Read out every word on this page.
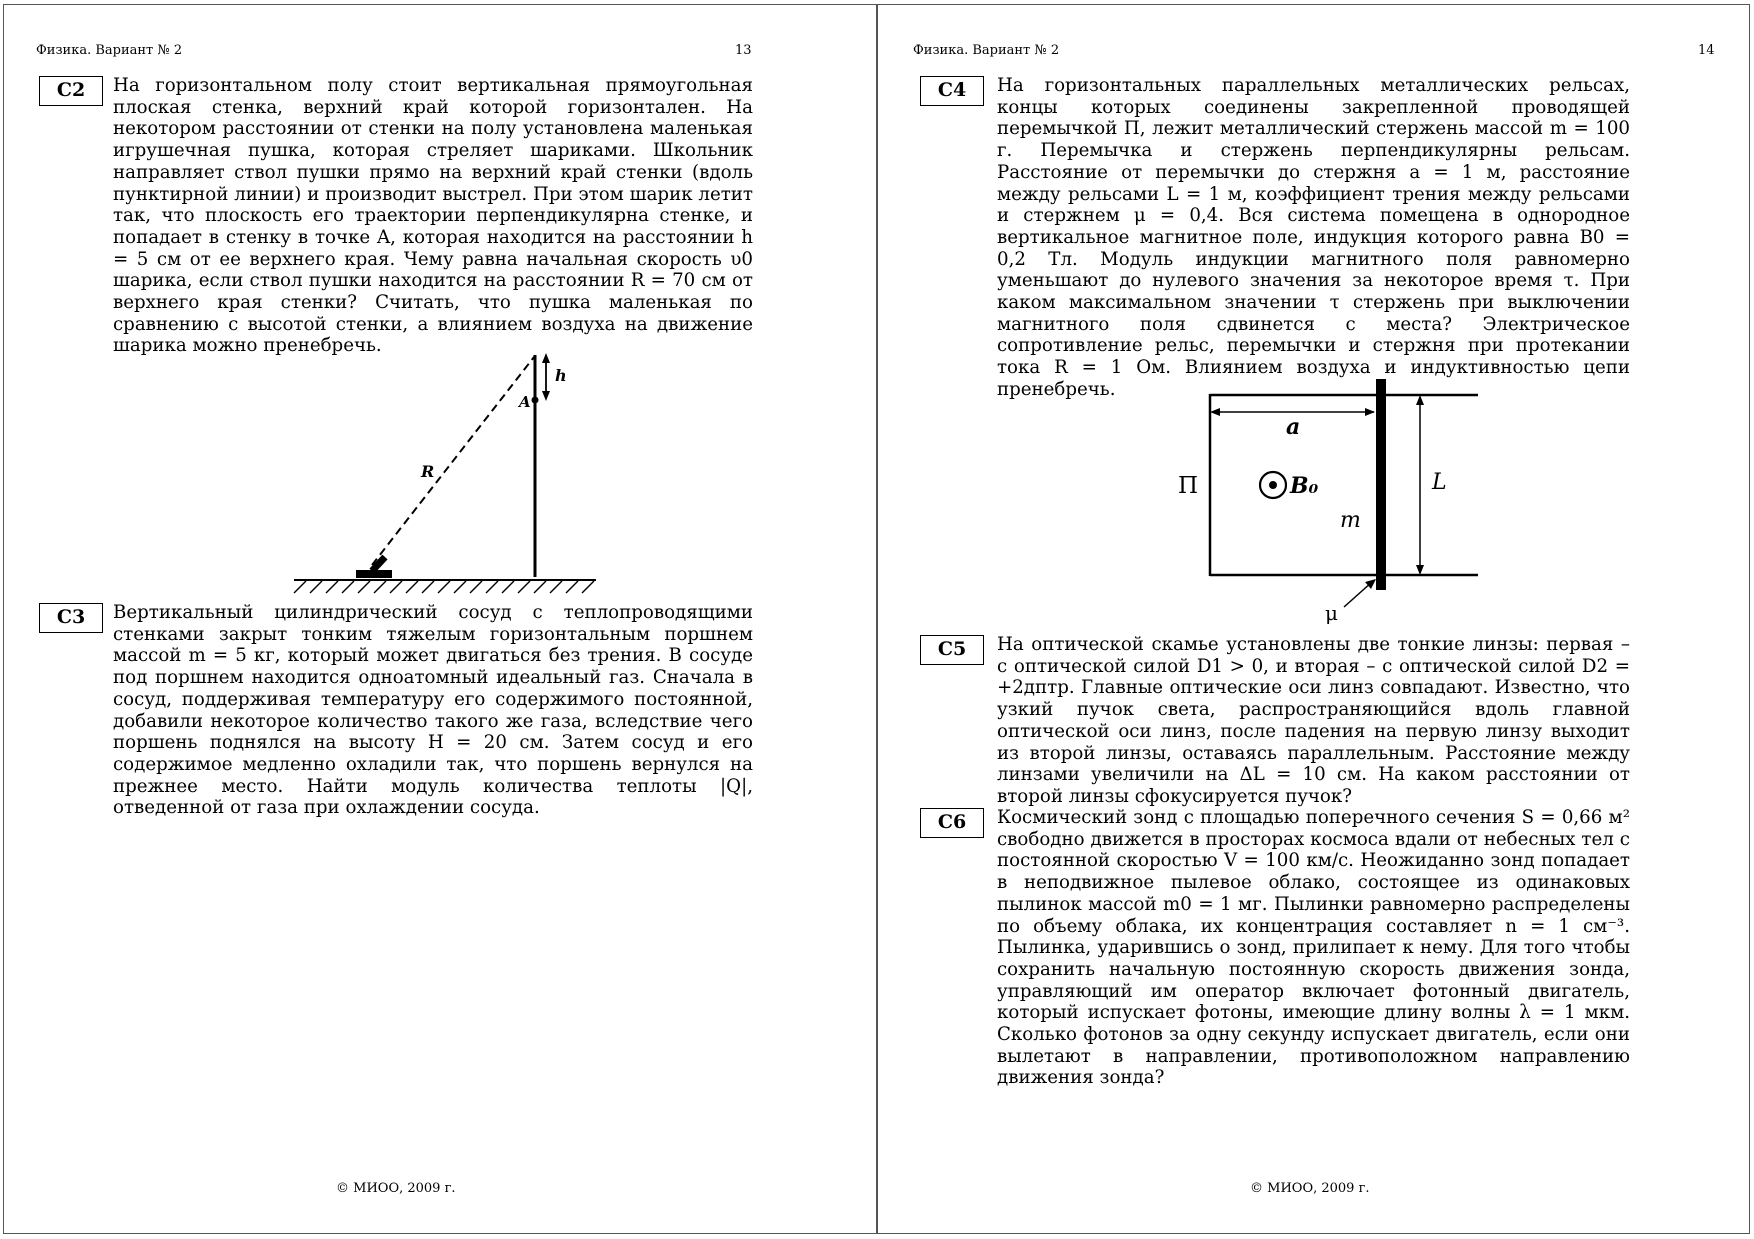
Физика. Вариант № 2	13
C2	На горизонтальном полу стоит вертикальная прямоугольная плоская стенка, верхний край которой горизонтален. На некотором расстоянии от стенки на полу установлена маленькая игрушечная пушка, которая стреляет шариками. Школьник направляет ствол пушки прямо на верхний край стенки (вдоль пунктирной линии) и производит выстрел. При этом шарик летит так, что плоскость его траектории перпендикулярна стенке, и попадает в стенку в точке A, которая находится на расстоянии h = 5 см от ее верхнего края. Чему равна начальная скорость υ0 шарика, если ствол пушки находится на расстоянии R = 70 см от верхнего края стенки? Считать, что пушка маленькая по сравнению с высотой стенки, а влиянием воздуха на движение шарика можно пренебречь.

h
A
R
C3	Вертикальный цилиндрический сосуд с теплопроводящими стенками закрыт тонким тяжелым горизонтальным поршнем массой m = 5 кг, который может двигаться без трения. В сосуде под поршнем находится одноатомный идеальный газ. Сначала в сосуд, поддерживая температуру его содержимого постоянной, добавили некоторое количество такого же газа, вследствие чего поршень поднялся на высоту H = 20 см. Затем сосуд и его содержимое медленно охладили так, что поршень вернулся на прежнее место. Найти модуль количества теплоты |Q|, отведенной от газа при охлаждении сосуда.

© МИОО, 2009 г.
Физика. Вариант № 2	14
C4	На горизонтальных параллельных металлических рельсах, концы которых соединены закрепленной проводящей перемычкой П, лежит металлический стержень массой m = 100 г. Перемычка и стержень перпендикулярны рельсам. Расстояние от перемычки до стержня a = 1 м, расстояние между рельсами L = 1 м, коэффициент трения между рельсами и стержнем μ = 0,4. Вся система помещена в однородное вертикальное магнитное поле, индукция которого равна B0 = 0,2 Тл. Модуль индукции магнитного поля равномерно уменьшают до нулевого значения за некоторое время τ. При каком максимальном значении τ стержень при выключении магнитного поля сдвинется с места? Электрическое сопротивление рельс, перемычки и стержня при протекании тока R = 1 Ом. Влиянием воздуха и индуктивностью цепи пренебречь.

a
L
П	B₀
m
μ
C5	На оптической скамье установлены две тонкие линзы: первая – с оптической силой D1 > 0, и вторая – с оптической силой D2 = +2дптр. Главные оптические оси линз совпадают. Известно, что узкий пучок света, распространяющийся вдоль главной оптической оси линз, после падения на первую линзу выходит из второй линзы, оставаясь параллельным. Расстояние между линзами увеличили на ΔL = 10 см. На каком расстоянии от второй линзы сфокусируется пучок?

C6	Космический зонд с площадью поперечного сечения S = 0,66 м² свободно движется в просторах космоса вдали от небесных тел с постоянной скоростью V = 100 км/с. Неожиданно зонд попадает в неподвижное пылевое облако, состоящее из одинаковых пылинок массой m0 = 1 мг. Пылинки равномерно распределены по объему облака, их концентрация составляет n = 1 см⁻³. Пылинка, ударившись о зонд, прилипает к нему. Для того чтобы сохранить начальную постоянную скорость движения зонда, управляющий им оператор включает фотонный двигатель, который испускает фотоны, имеющие длину волны λ = 1 мкм. Сколько фотонов за одну секунду испускает двигатель, если они вылетают в направлении, противоположном направлению движения зонда?

© МИОО, 2009 г.
